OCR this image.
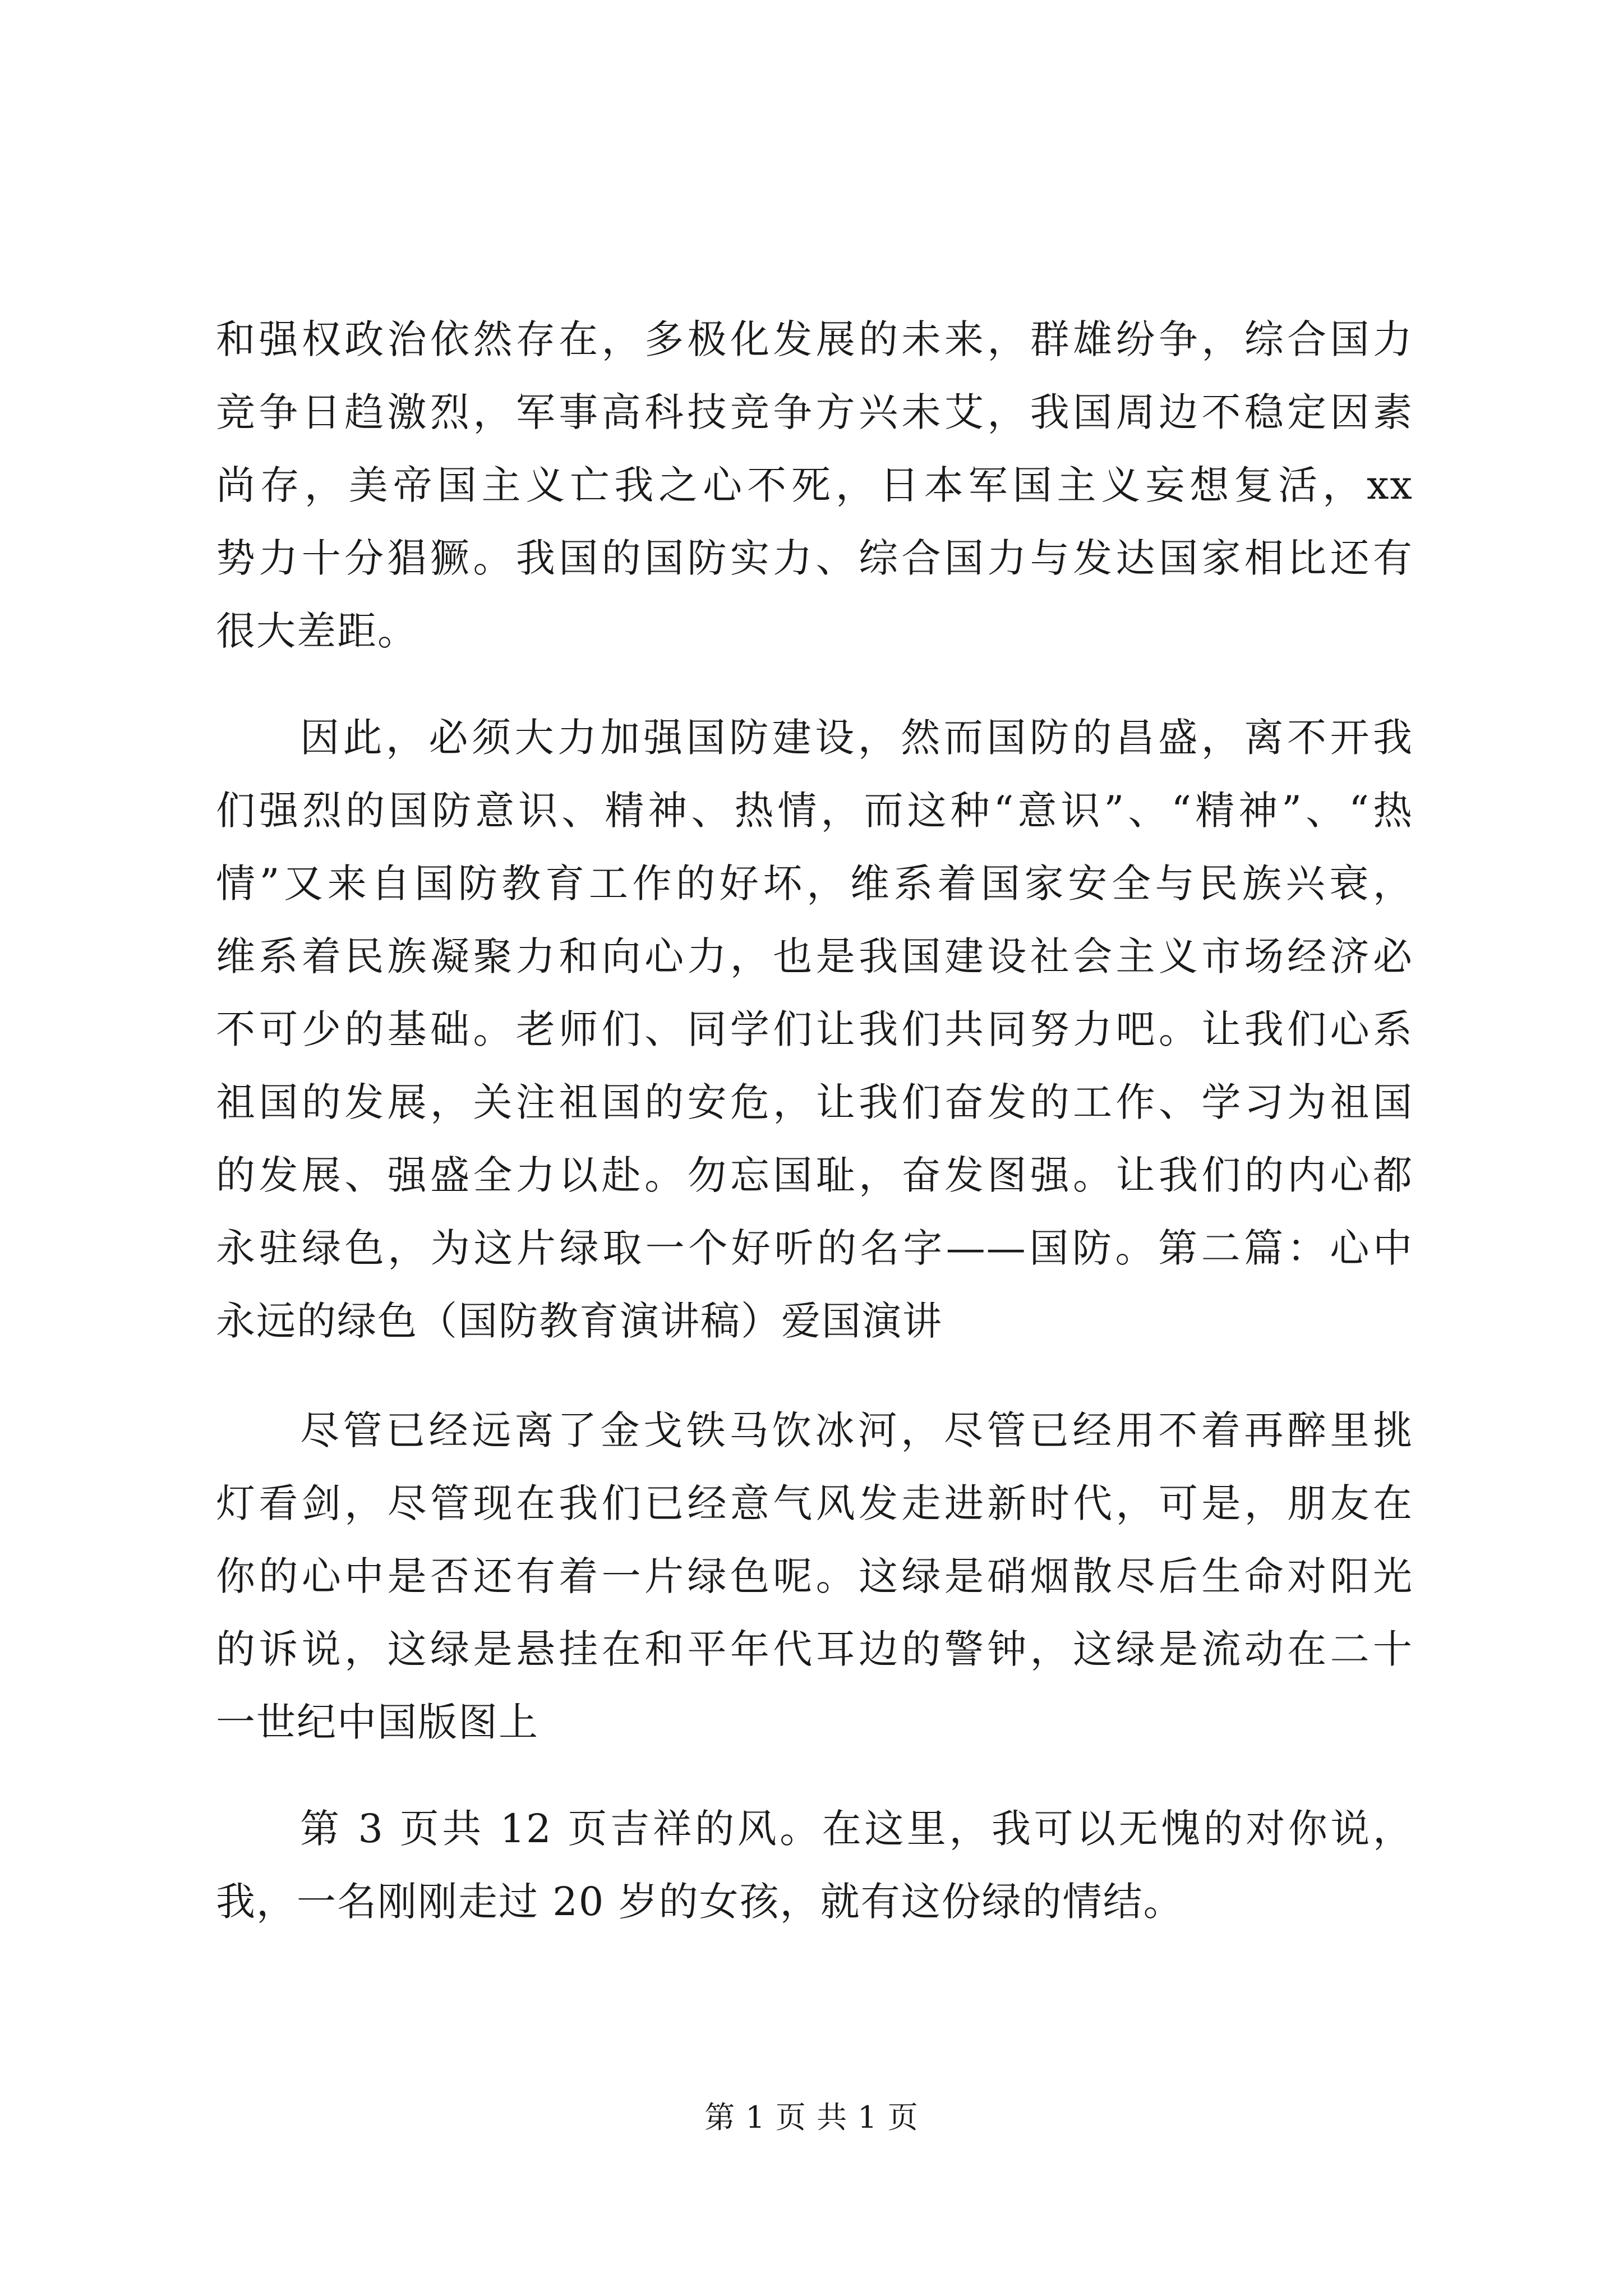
和强权政治依然存在，多极化发展的未来，群雄纷争，综合国力
竞争日趋激烈，军事高科技竞争方兴未艾，我国周边不稳定因素
尚存，美帝国主义亡我之心不死，日本军国主义妄想复活，xx
势力十分猖獗。我国的国防实力、综合国力与发达国家相比还有
很大差距。
因此，必须大力加强国防建设，然而国防的昌盛，离不开我
们强烈的国防意识、精神、热情，而这种“意识”、“精神”、“热
情”又来自国防教育工作的好坏，维系着国家安全与民族兴衰，
维系着民族凝聚力和向心力，也是我国建设社会主义市场经济必
不可少的基础。老师们、同学们让我们共同努力吧。让我们心系
祖国的发展，关注祖国的安危，让我们奋发的工作、学习为祖国
的发展、强盛全力以赴。勿忘国耻，奋发图强。让我们的内心都
永驻绿色，为这片绿取一个好听的名字——国防。第二篇：心中
永远的绿色（国防教育演讲稿）爱国演讲
尽管已经远离了金戈铁马饮冰河，尽管已经用不着再醉里挑
灯看剑，尽管现在我们已经意气风发走进新时代，可是，朋友在
你的心中是否还有着一片绿色呢。这绿是硝烟散尽后生命对阳光
的诉说，这绿是悬挂在和平年代耳边的警钟，这绿是流动在二十
一世纪中国版图上
第 3 页共 12 页吉祥的风。在这里，我可以无愧的对你说，
我，一名刚刚走过 20 岁的女孩，就有这份绿的情结。
第 1 页 共 1 页
